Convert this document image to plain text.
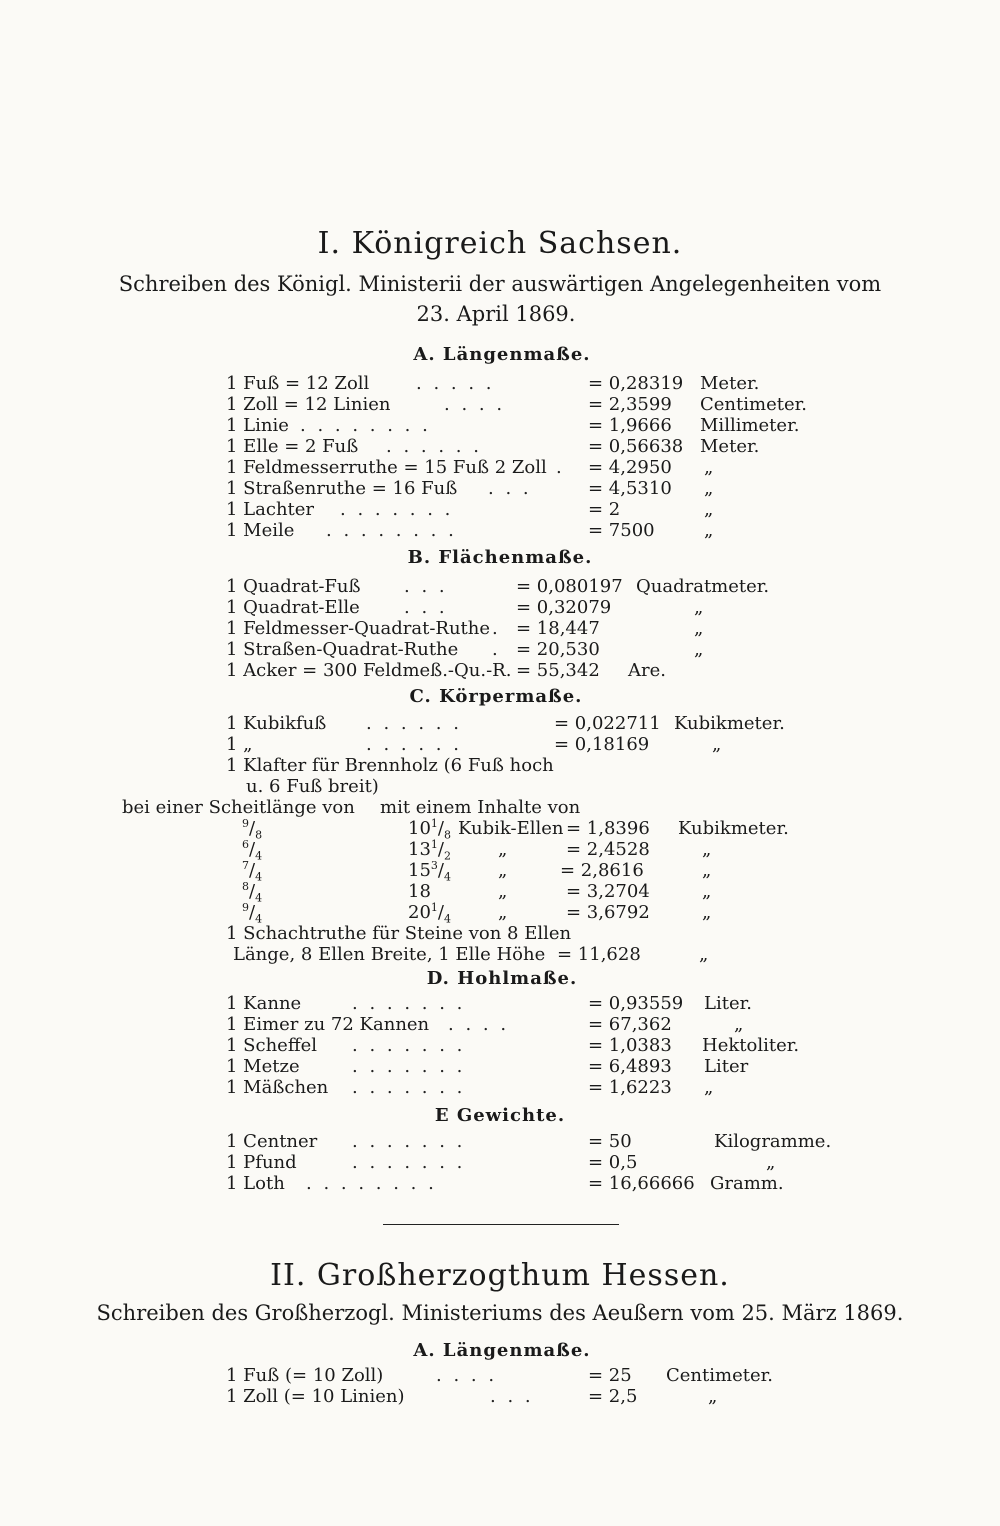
I. Königreich Sachsen.
Schreiben des Königl. Ministerii der auswärtigen Angelegenheiten vom
23. April 1869.
A. Längenmaße.
1 Fuß = 12 Zoll	. . . . .	= 0,28319 Meter.
1 Zoll = 12 Linien	. . . .	= 2,3599 Centimeter.
1 Linie . . . . . . . .	= 1,9666 Millimeter.
1 Elle = 2 Fuß . . . . . .	= 0,56638 Meter.
1 Feldmesserruthe = 15 Fuß 2 Zoll . = 4,2950 „
1 Straßenruthe = 16 Fuß . . .	= 4,5310 „
1 Lachter . . . . . . .	= 2	„
1 Meile . . . . . . . .	= 7500	„
B. Flächenmaße.
1 Quadrat-Fuß . . .	= 0,080197 Quadratmeter.
1 Quadrat-Elle . . .	= 0,32079	„
1 Feldmesser-Quadrat-Ruthe . = 18,447	„
1 Straßen-Quadrat-Ruthe . = 20,530	„
1 Acker = 300 Feldmeß.-Qu.-R. = 55,342 Are.
C. Körpermaße.
1 Kubikfuß . . . . . .	= 0,022711 Kubikmeter.
1 „	. . . . . .	= 0,18169	„
1 Klafter für Brennholz (6 Fuß hoch
u. 6 Fuß breit)
bei einer Scheitlänge von mit einem Inhalte von
$^9/_8$	$10^1/_8$ Kubik-Ellen = 1,8396 Kubikmeter.
$^6/_4$	$13^1/_2$	„	= 2,4528	„
$^7/_4$	$15^3/_4$	„	= 2,8616	„
$^8/_4$	18	„	= 3,2704	„
$^9/_4$	$20^1/_4$	„	= 3,6792	„
1 Schachtruthe für Steine von 8 Ellen
Länge, 8 Ellen Breite, 1 Elle Höhe = 11,628	„
D. Hohlmaße.
1 Kanne	. . . . . . .	= 0,93559 Liter.
1 Eimer zu 72 Kannen . . . .	= 67,362	„
1 Scheffel . . . . . . .	= 1,0383 Hektoliter.
1 Metze	. . . . . . .	= 6,4893 Liter
1 Mäßchen . . . . . . .	= 1,6223 „
E Gewichte.
1 Centner . . . . . . .	= 50	Kilogramme.
1 Pfund	. . . . . . .	= 0,5	„
1 Loth . . . . . . . .	= 16,66666 Gramm.
II. Großherzogthum Hessen.
Schreiben des Großherzogl. Ministeriums des Aeußern vom 25. März 1869.
A. Längenmaße.
1 Fuß (= 10 Zoll)	. . . .	= 25 Centimeter.
1 Zoll (= 10 Linien)	. . .	= 2,5	„
